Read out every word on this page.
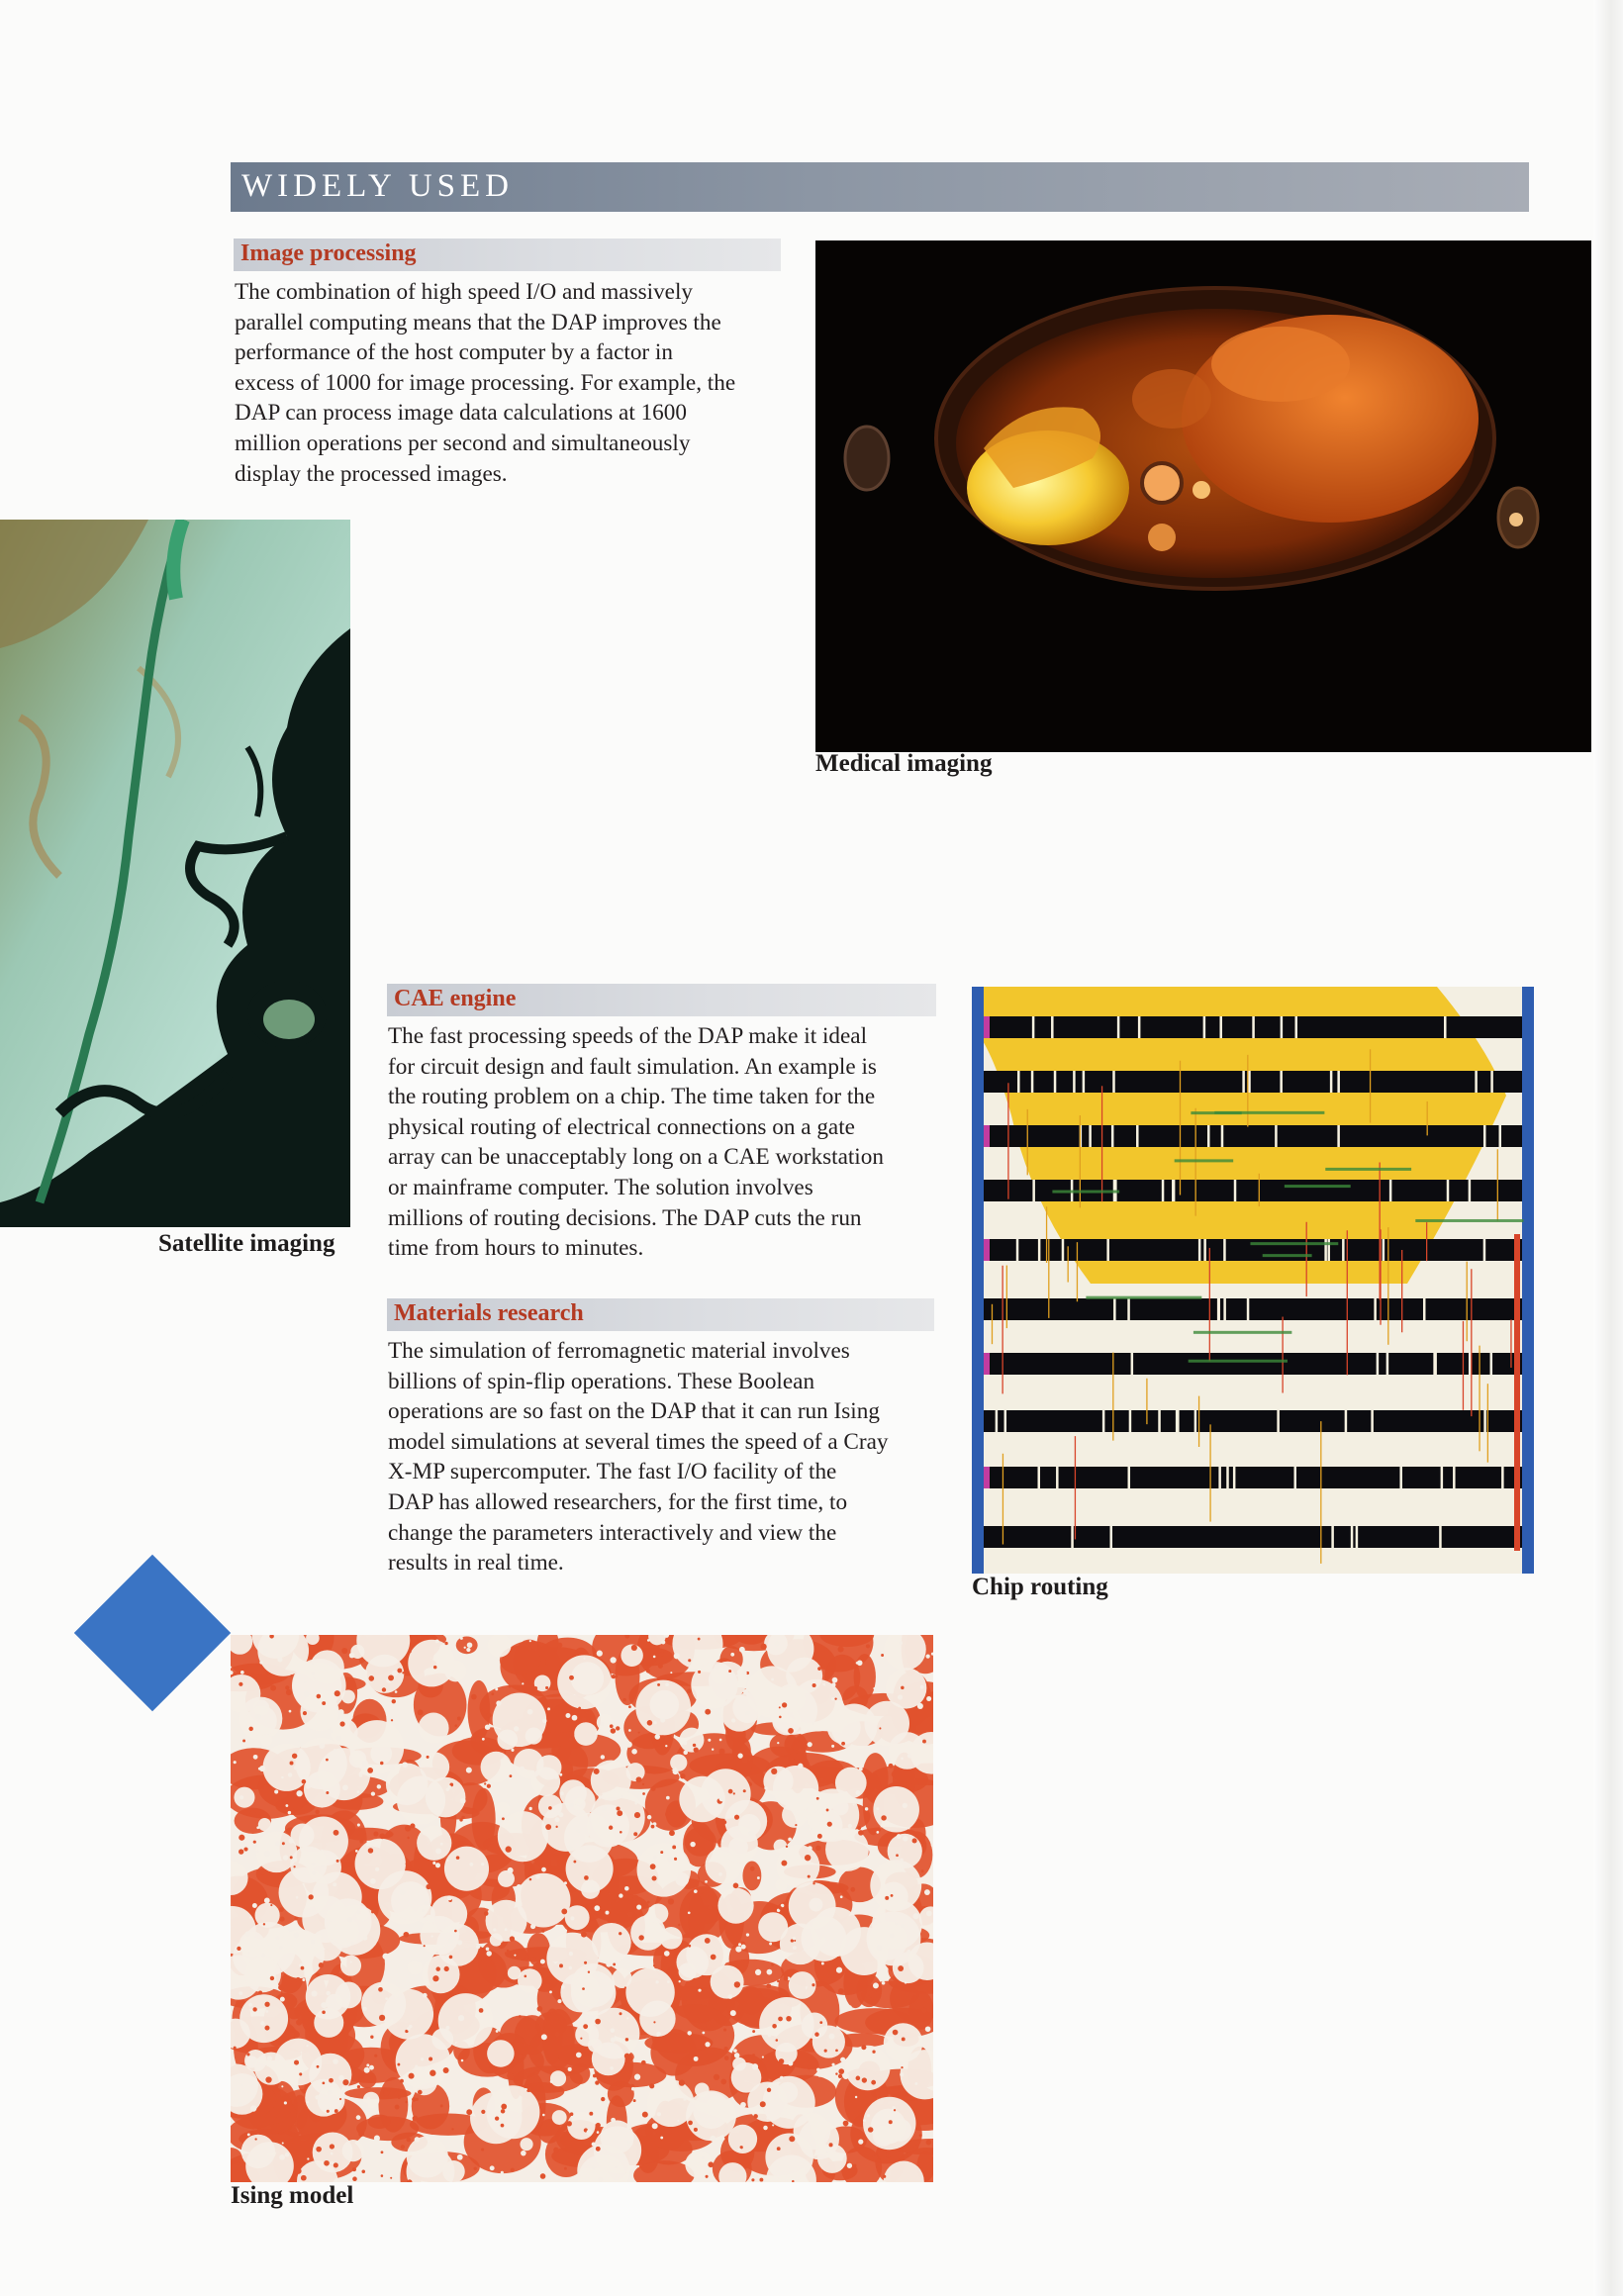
WIDELY USED
Image processing

The combination of high speed I/O and massively
parallel computing means that the DAP improves the
performance of the host computer by a factor in
excess of 1000 for image processing. For example, the
DAP can process image data calculations at 1600
million operations per second and simultaneously
display the processed images.

Medical imaging

Satellite imaging

CAE engine

The fast processing speeds of the DAP make it ideal
for circuit design and fault simulation. An example is
the routing problem on a chip. The time taken for the
physical routing of electrical connections on a gate
array can be unacceptably long on a CAE workstation
or mainframe computer. The solution involves
millions of routing decisions. The DAP cuts the run
time from hours to minutes.

Materials research

The simulation of ferromagnetic material involves
billions of spin-flip operations. These Boolean
operations are so fast on the DAP that it can run Ising
model simulations at several times the speed of a Cray
X-MP supercomputer. The fast I/O facility of the
DAP has allowed researchers, for the first time, to
change the parameters interactively and view the
results in real time.

Chip routing

Ising model
